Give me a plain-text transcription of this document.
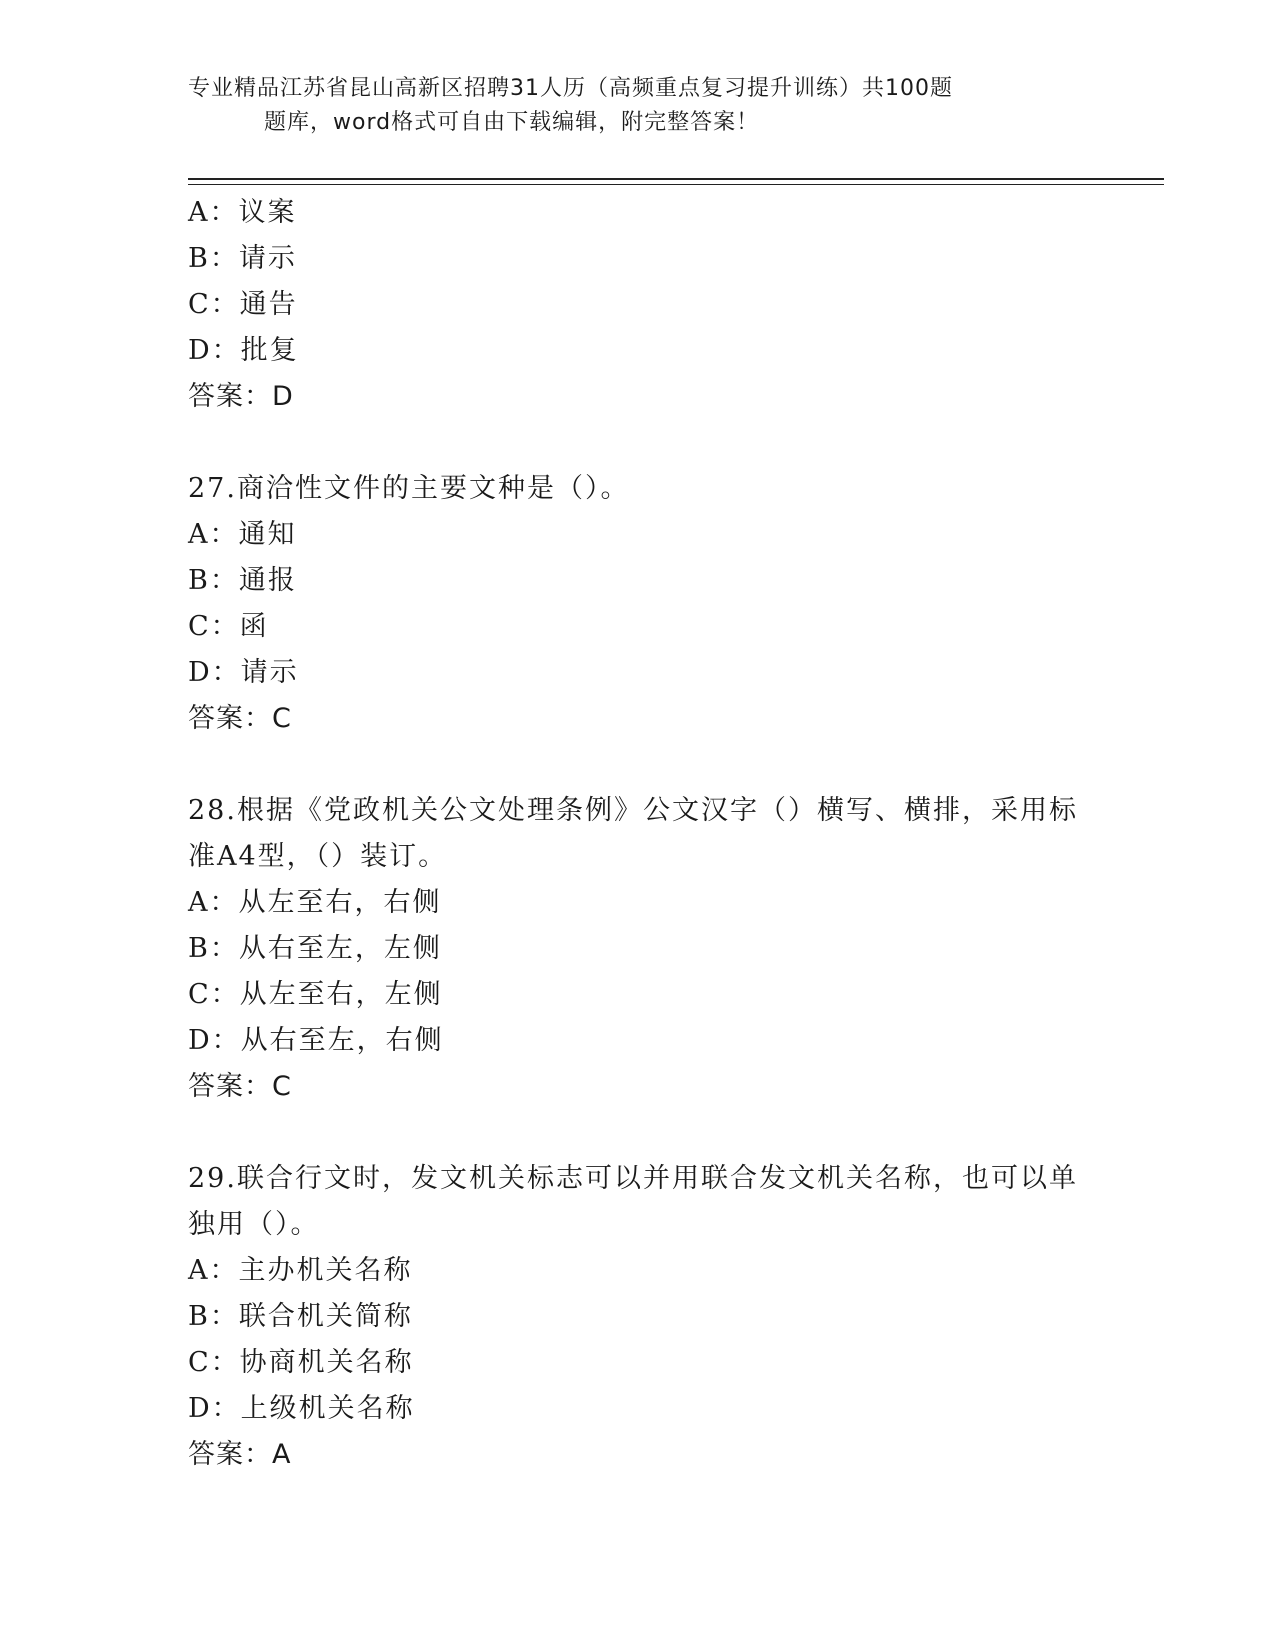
专业精品江苏省昆山高新区招聘31人历（高频重点复习提升训练）共100题
题库，word格式可自由下载编辑，附完整答案！
A：议案
B：请示
C：通告
D：批复
答案：D
27.商洽性文件的主要文种是（）。
A：通知
B：通报
C：函
D：请示
答案：C
28.根据《党政机关公文处理条例》公文汉字（）横写、横排，采用标
准A4型，（）装订。
A：从左至右，右侧
B：从右至左，左侧
C：从左至右，左侧
D：从右至左，右侧
答案：C
29.联合行文时，发文机关标志可以并用联合发文机关名称，也可以单
独用（）。
A：主办机关名称
B：联合机关简称
C：协商机关名称
D：上级机关名称
答案：A
